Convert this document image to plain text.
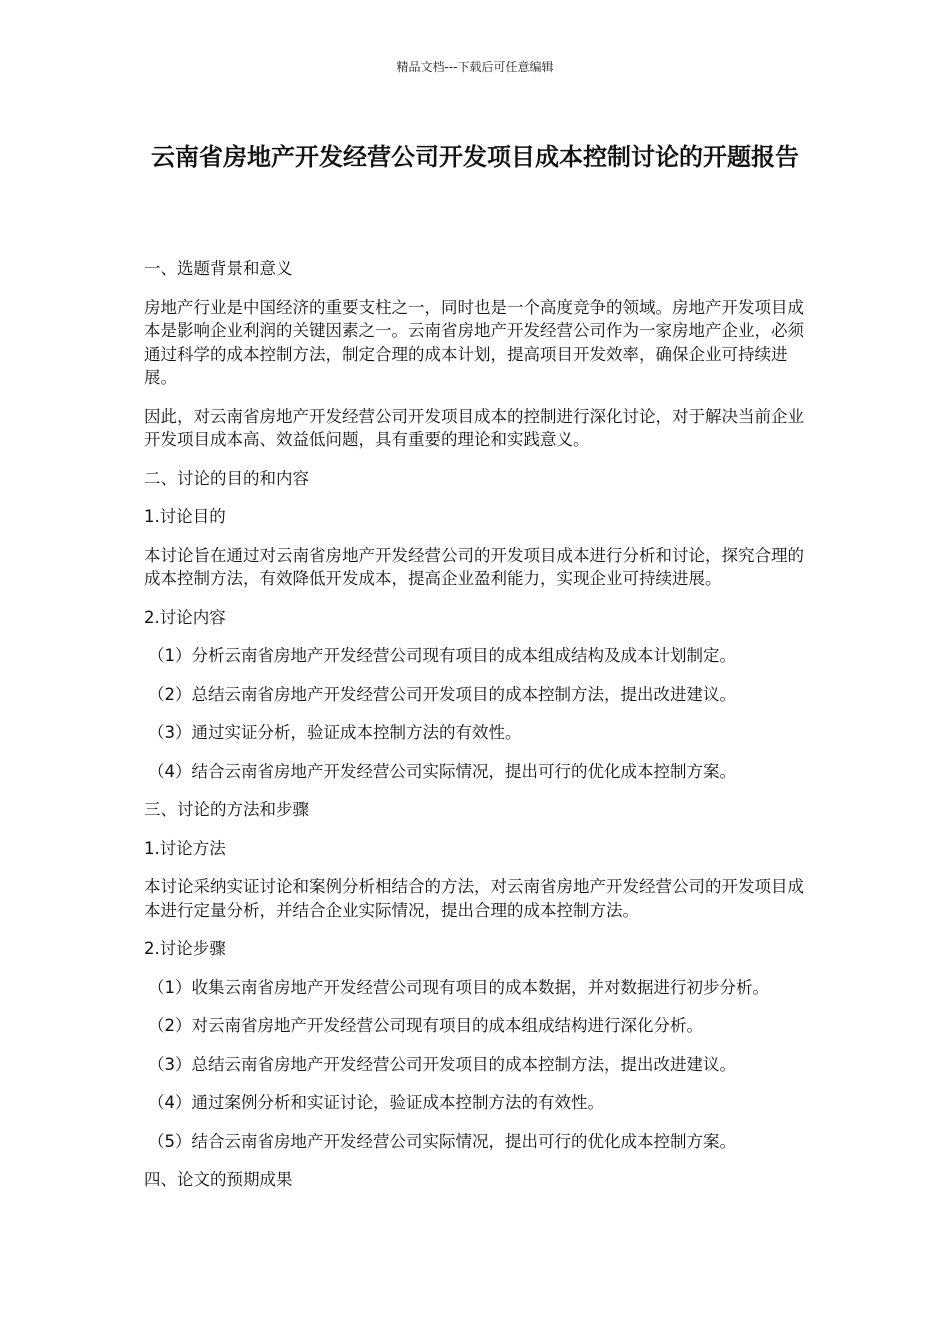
精品文档---下载后可任意编辑
云南省房地产开发经营公司开发项目成本控制讨论的开题报告

一、选题背景和意义

房地产行业是中国经济的重要支柱之一，同时也是一个高度竞争的领域。房地产开发项目成本是影响企业利润的关键因素之一。云南省房地产开发经营公司作为一家房地产企业，必须通过科学的成本控制方法，制定合理的成本计划，提高项目开发效率，确保企业可持续进展。

因此，对云南省房地产开发经营公司开发项目成本的控制进行深化讨论，对于解决当前企业开发项目成本高、效益低问题，具有重要的理论和实践意义。

二、讨论的目的和内容

1.讨论目的

本讨论旨在通过对云南省房地产开发经营公司的开发项目成本进行分析和讨论，探究合理的成本控制方法，有效降低开发成本，提高企业盈利能力，实现企业可持续进展。

2.讨论内容

（1）分析云南省房地产开发经营公司现有项目的成本组成结构及成本计划制定。

（2）总结云南省房地产开发经营公司开发项目的成本控制方法，提出改进建议。

（3）通过实证分析，验证成本控制方法的有效性。

（4）结合云南省房地产开发经营公司实际情况，提出可行的优化成本控制方案。

三、讨论的方法和步骤

1.讨论方法

本讨论采纳实证讨论和案例分析相结合的方法，对云南省房地产开发经营公司的开发项目成本进行定量分析，并结合企业实际情况，提出合理的成本控制方法。

2.讨论步骤

（1）收集云南省房地产开发经营公司现有项目的成本数据，并对数据进行初步分析。

（2）对云南省房地产开发经营公司现有项目的成本组成结构进行深化分析。

（3）总结云南省房地产开发经营公司开发项目的成本控制方法，提出改进建议。

（4）通过案例分析和实证讨论，验证成本控制方法的有效性。

（5）结合云南省房地产开发经营公司实际情况，提出可行的优化成本控制方案。

四、论文的预期成果
